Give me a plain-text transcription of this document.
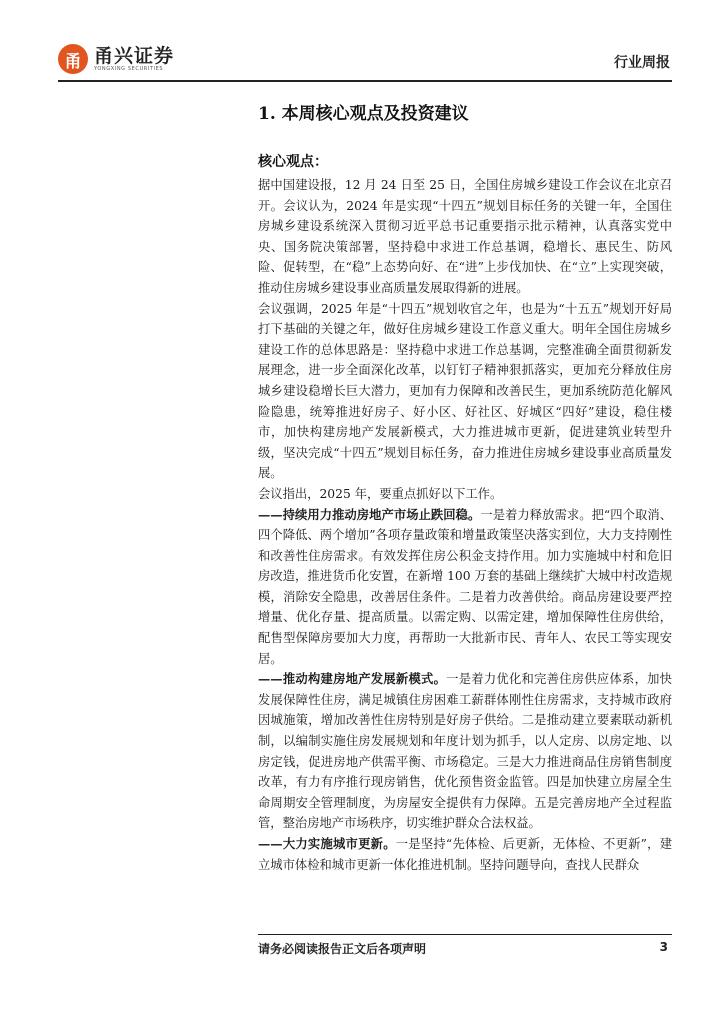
甬 甬兴证券
YONGXING SECURITIES	行业周报
1. 本周核心观点及投资建议
核心观点：

据中国建设报，12 月 24 日至 25 日，全国住房城乡建设工作会议在北京召开。会议认为，2024 年是实现“十四五”规划目标任务的关键一年，全国住房城乡建设系统深入贯彻习近平总书记重要指示批示精神，认真落实党中央、国务院决策部署，坚持稳中求进工作总基调，稳增长、惠民生、防风险、促转型，在“稳”上态势向好、在“进”上步伐加快、在“立”上实现突破，推动住房城乡建设事业高质量发展取得新的进展。

会议强调，2025 年是“十四五”规划收官之年，也是为“十五五”规划开好局打下基础的关键之年，做好住房城乡建设工作意义重大。明年全国住房城乡建设工作的总体思路是：坚持稳中求进工作总基调，完整准确全面贯彻新发展理念，进一步全面深化改革，以钉钉子精神狠抓落实，更加充分释放住房城乡建设稳增长巨大潜力，更加有力保障和改善民生，更加系统防范化解风险隐患，统筹推进好房子、好小区、好社区、好城区“四好”建设，稳住楼市，加快构建房地产发展新模式，大力推进城市更新，促进建筑业转型升级，坚决完成“十四五”规划目标任务，奋力推进住房城乡建设事业高质量发展。

会议指出，2025 年，要重点抓好以下工作。

——持续用力推动房地产市场止跌回稳。一是着力释放需求。把“四个取消、四个降低、两个增加”各项存量政策和增量政策坚决落实到位，大力支持刚性和改善性住房需求。有效发挥住房公积金支持作用。加力实施城中村和危旧房改造，推进货币化安置，在新增 100 万套的基础上继续扩大城中村改造规模，消除安全隐患，改善居住条件。二是着力改善供给。商品房建设要严控增量、优化存量、提高质量。以需定购、以需定建，增加保障性住房供给，配售型保障房要加大力度，再帮助一大批新市民、青年人、农民工等实现安居。

——推动构建房地产发展新模式。一是着力优化和完善住房供应体系，加快发展保障性住房，满足城镇住房困难工薪群体刚性住房需求，支持城市政府因城施策，增加改善性住房特别是好房子供给。二是推动建立要素联动新机制，以编制实施住房发展规划和年度计划为抓手，以人定房、以房定地、以房定钱，促进房地产供需平衡、市场稳定。三是大力推进商品住房销售制度改革，有力有序推行现房销售，优化预售资金监管。四是加快建立房屋全生命周期安全管理制度，为房屋安全提供有力保障。五是完善房地产全过程监管，整治房地产市场秩序，切实维护群众合法权益。

——大力实施城市更新。一是坚持“先体检、后更新，无体检、不更新”，建立城市体检和城市更新一体化推进机制。坚持问题导向，查找人民群众

请务必阅读报告正文后各项声明	3
